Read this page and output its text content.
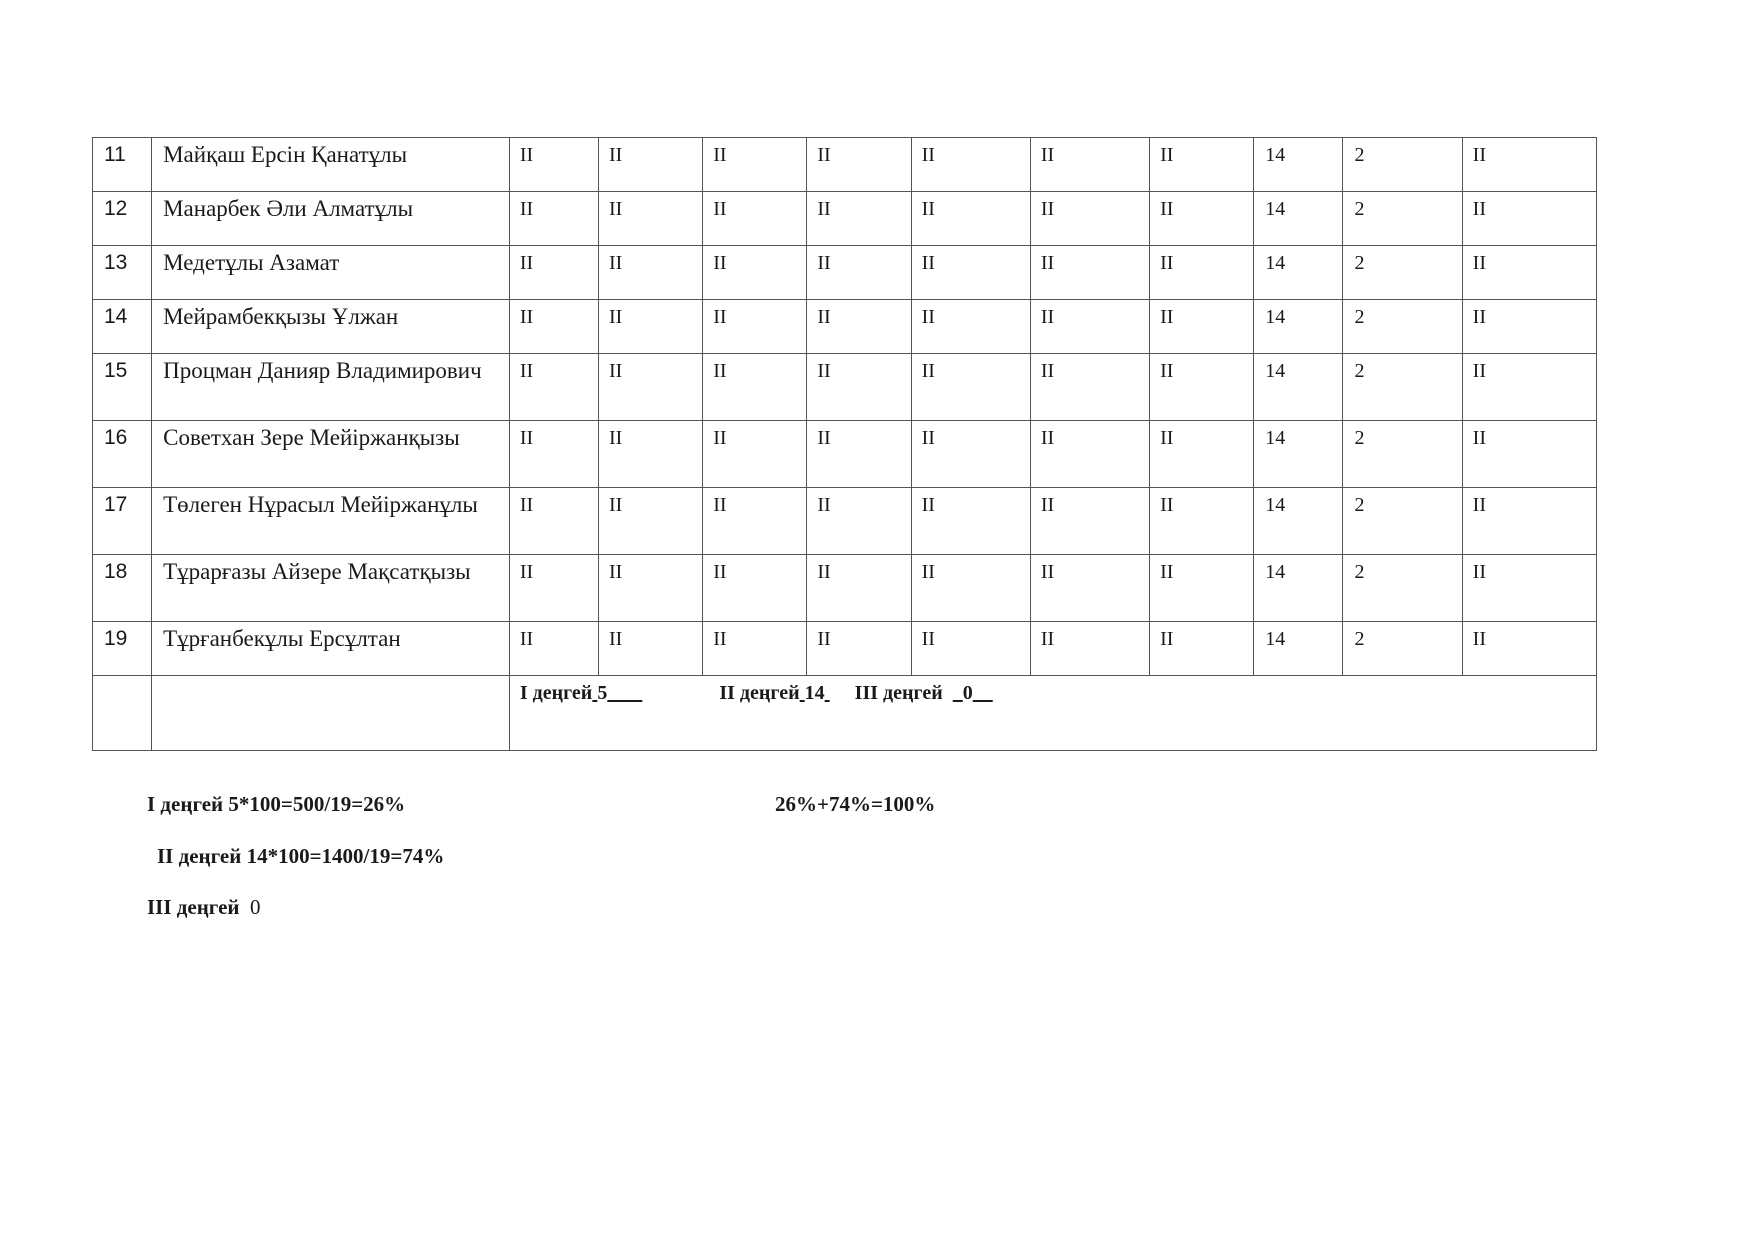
11	Майқаш Ерсін Қанатұлы	II	II	II	II	II	II	II	14	2	II
12	Манарбек Әли Алматұлы	II	II	II	II	II	II	II	14	2	II
13	Медетұлы Азамат	II	II	II	II	II	II	II	14	2	II
14	Мейрамбекқызы Ұлжан	II	II	II	II	II	II	II	14	2	II
15	Процман Данияр Владимирович	II	II	II	II	II	II	II	14	2	II
16	Советхан Зере Мейіржанқызы	II	II	II	II	II	II	II	14	2	II
17	Төлеген Нұрасыл Мейіржанұлы	II	II	II	II	II	II	II	14	2	II
18	Тұрарғазы Айзере Мақсатқызы	II	II	II	II	II	II	II	14	2	II
19	Тұрғанбекұлы Ерсұлтан	II	II	II	II	II	II	II	14	2	II

		I деңгей 5 II деңгей 14 III деңгей 0									
I деңгей 5*100=500/19=26%	26%+74%=100%
II деңгей 14*100=1400/19=74%
III деңгей 0
